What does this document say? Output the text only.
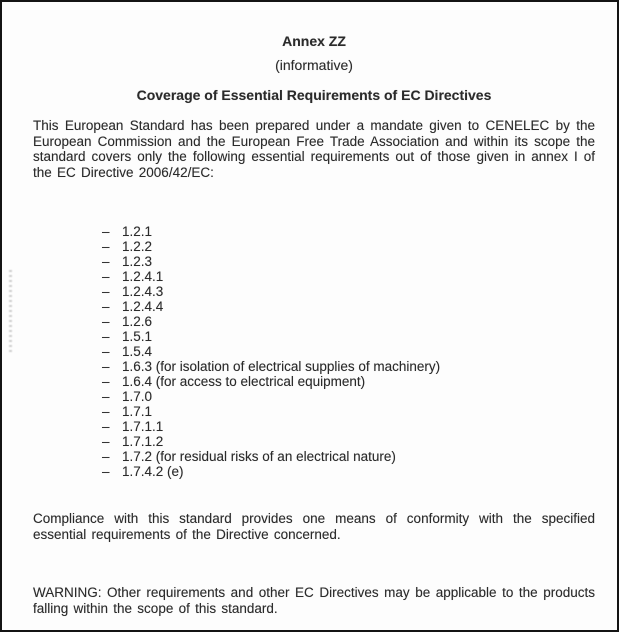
Annex ZZ
(informative)
Coverage of Essential Requirements of EC Directives

This European Standard has been prepared under a mandate given to CENELEC by the European Commission and the European Free Trade Association and within its scope the standard covers only the following essential requirements out of those given in annex I of the EC Directive 2006/42/EC:

– 1.2.1
– 1.2.2
– 1.2.3
– 1.2.4.1
– 1.2.4.3
– 1.2.4.4
– 1.2.6
– 1.5.1
– 1.5.4
– 1.6.3 (for isolation of electrical supplies of machinery)
– 1.6.4 (for access to electrical equipment)
– 1.7.0
– 1.7.1
– 1.7.1.1
– 1.7.1.2
– 1.7.2 (for residual risks of an electrical nature)
– 1.7.4.2 (e)

Compliance with this standard provides one means of conformity with the specified essential requirements of the Directive concerned.

WARNING: Other requirements and other EC Directives may be applicable to the products falling within the scope of this standard.
